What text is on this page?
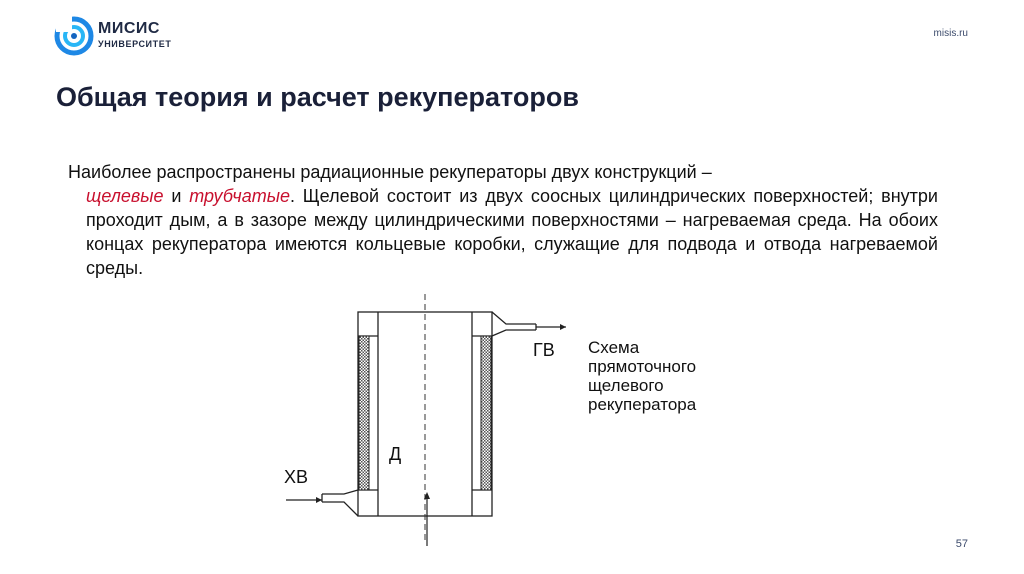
МИСИС
УНИВЕРСИТЕТ
misis.ru
Общая теория и расчет рекуператоров
Наиболее распространены радиационные рекуператоры двух конструкций –
щелевые и трубчатые. Щелевой состоит из двух соосных цилиндрических поверхностей; внутри проходит дым, а в зазоре между цилиндрическими поверхностями – нагреваемая среда. На обоих концах рекуператора имеются кольцевые коробки, служащие для подвода и отвода нагреваемой среды.
ГВ
ХВ
Д
Схема
прямоточного
щелевого
рекуператора
57
